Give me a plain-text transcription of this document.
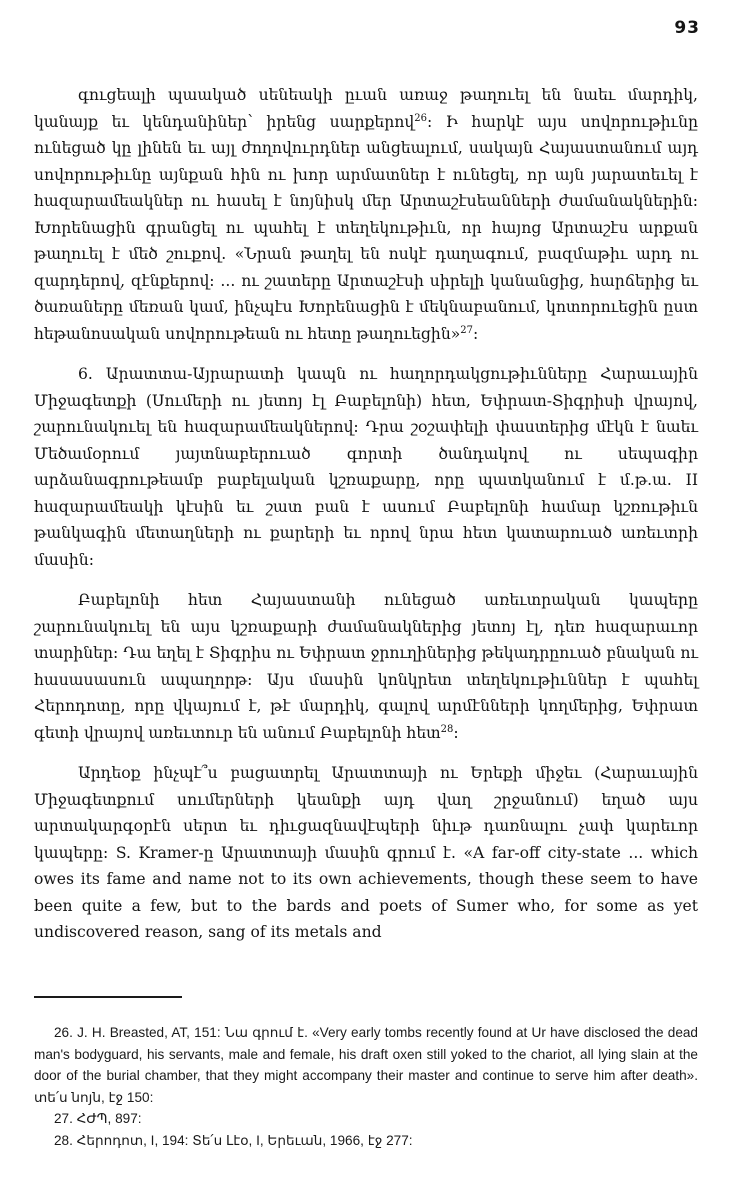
93

գուցեալի պաակած սենեակի ըւան առաջ թաղուել են նաեւ մարդիկ, կանայք եւ կենդանիներ՝ իրենց սարքերով$^{26}$: Ի հարկէ այս սովորութիւնը ունեցած կը լինեն եւ այլ ժողովուրդներ անցեալում, սակայն Հայաստանում այդ սովորութիւնը այնքան հին ու խոր արմատներ է ունեցել, որ այն յարատեւել է հազարամեակներ ու հասել է նոյնիսկ մեր Արտաշէսեանների ժամանակներին: Խորենացին գրանցել ու պահել է տեղեկութիւն, որ հայոց Արտաշէս արքան թաղուել է մեծ շուքով. «Նրան թաղել են ոսկէ դաղագում, բազմաթիւ արդ ու զարդերով, զէնքերով: ... ու շատերը Արտաշէսի սիրելի կանանցից, հարճերից եւ ծառաները մեռան կամ, ինչպէս Խորենացին է մեկնաբանում, կոտորուեցին ըստ հեթանոսական սովորութեան ու հետը թաղուեցին»$^{27}$։

6. Արատտա-Այրարատի կապն ու հաղորդակցութիւնները Հարաւային Միջագետքի (Սումերի ու յետոյ էլ Բաբելոնի) հետ, Եփրատ-Տիգրիսի վրայով, շարունակուել են հազարամեակներով: Դրա շօշափելի փաստերից մէկն է նաեւ Մեծամօրում յայտնաբերուած գորտի ծանդակով ու սեպագիր արձանագրութեամբ բաբելական կշռաքարը, որը պատկանում է մ.թ.ա. II հազարամեակի կէսին եւ շատ բան է ասում Բաբելոնի համար կշռութիւն թանկագին մետաղների ու քարերի եւ որով նրա հետ կատարուած առեւտրի մասին:

Բաբելոնի հետ Հայաստանի ունեցած առեւտրական կապերը շարունակուել են այս կշռաքարի ժամանակներից յետոյ էլ, դեռ հազարաւոր տարիներ: Դա եղել է Տիգրիս ու Եփրատ ջրուղիներից թեկադրըուած բնական ու հասասասուն ապաղորթ: Այս մասին կոնկրետ տեղեկութիւններ է պահել Հերոդոտը, որը վկայում է, թէ մարդիկ, գալով արմէնների կողմերից, Եփրատ գետի վրայով առեւտուր են անում Բաբելոնի հետ$^{28}$:

Արդեօք ինչպէ՞ս բացատրել Արատտայի ու Երեքի միջեւ (Հարաւային Միջագետքում սումերների կեանքի այդ վաղ շրջանում) եղած այս արտակարգօրէն սերտ եւ դիւցազնավէպերի նիւթ դառնալու չափ կարեւոր կապերը: S. Kramer-ը Արատտայի մասին գրում է. «A far-off city-state ... which owes its fame and name not to its own achievements, though these seem to have been quite a few, but to the bards and poets of Sumer who, for some as yet undiscovered reason, sang of its metals and

26. J. H. Breasted, AT, 151: Նա գրում է. «Very early tombs recently found at Ur have disclosed the dead man's bodyguard, his servants, male and female, his draft oxen still yoked to the chariot, all lying slain at the door of the burial chamber, that they might accompany their master and continue to serve him after death». տե՛ս նոյն, էջ 150:

27. ՀԺՊ, 897:

28. Հերոդոտ, I, 194: Տե՛ս Լէօ, I, Երեւան, 1966, էջ 277:
